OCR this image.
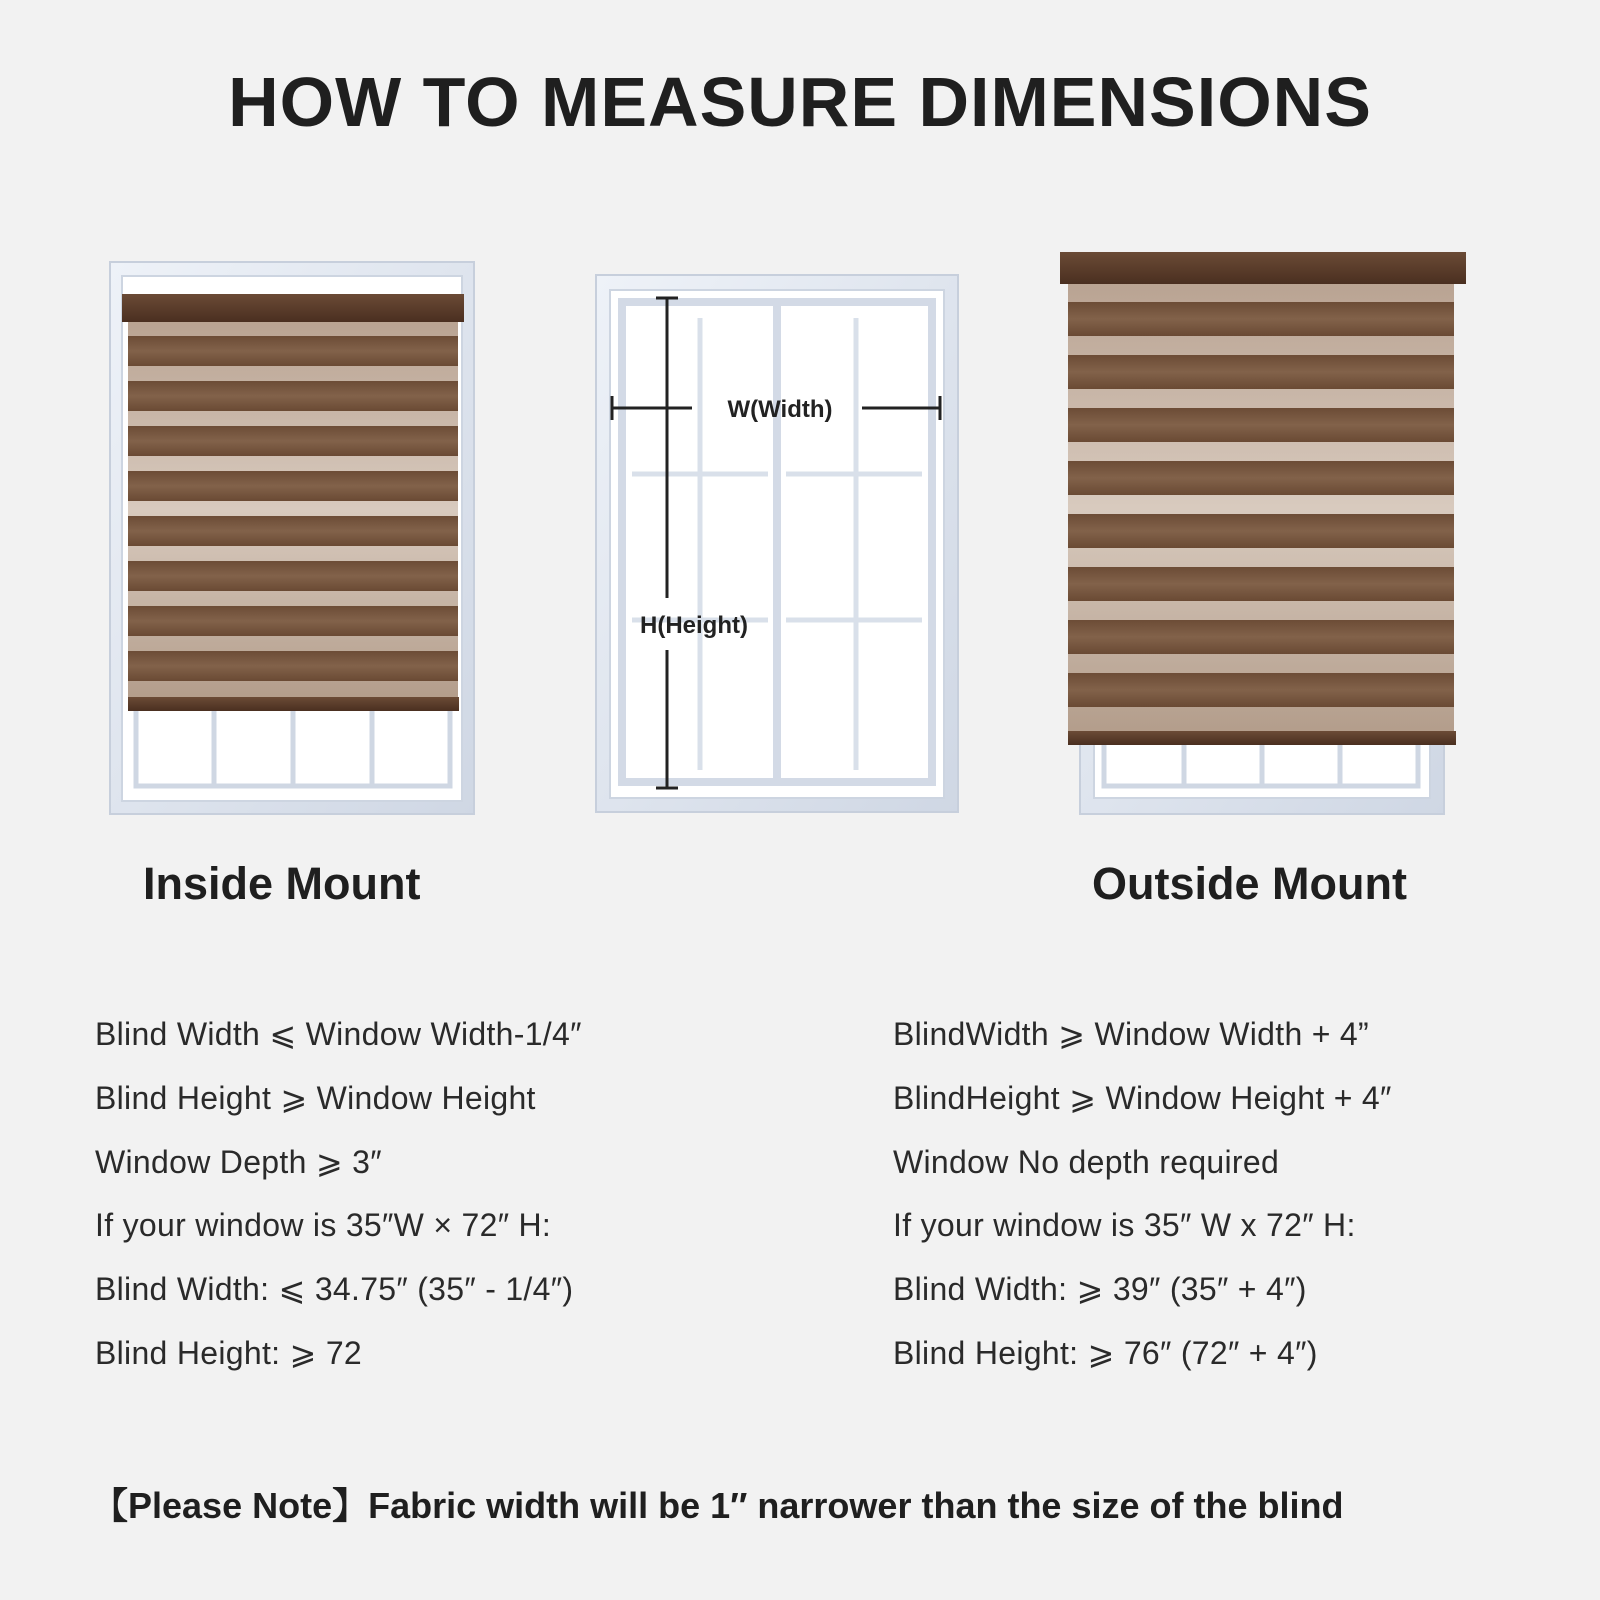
HOW TO MEASURE DIMENSIONS
W(Width)
H(Height)
Inside Mount	Outside Mount
Blind Width ⩽ Window Width-1/4″
Blind Height ⩾ Window Height
Window Depth ⩾ 3″
If your window is 35″W × 72″ H:
Blind Width: ⩽ 34.75″ (35″ - 1/4″)
Blind Height: ⩾ 72
BlindWidth ⩾ Window Width + 4”
BlindHeight ⩾ Window Height + 4″
Window No depth required
If your window is 35″ W x 72″ H:
Blind Width: ⩾ 39″ (35″ + 4″)
Blind Height: ⩾ 76″ (72″ + 4″)
【Please Note】Fabric width will be 1″ narrower than the size of the blind
